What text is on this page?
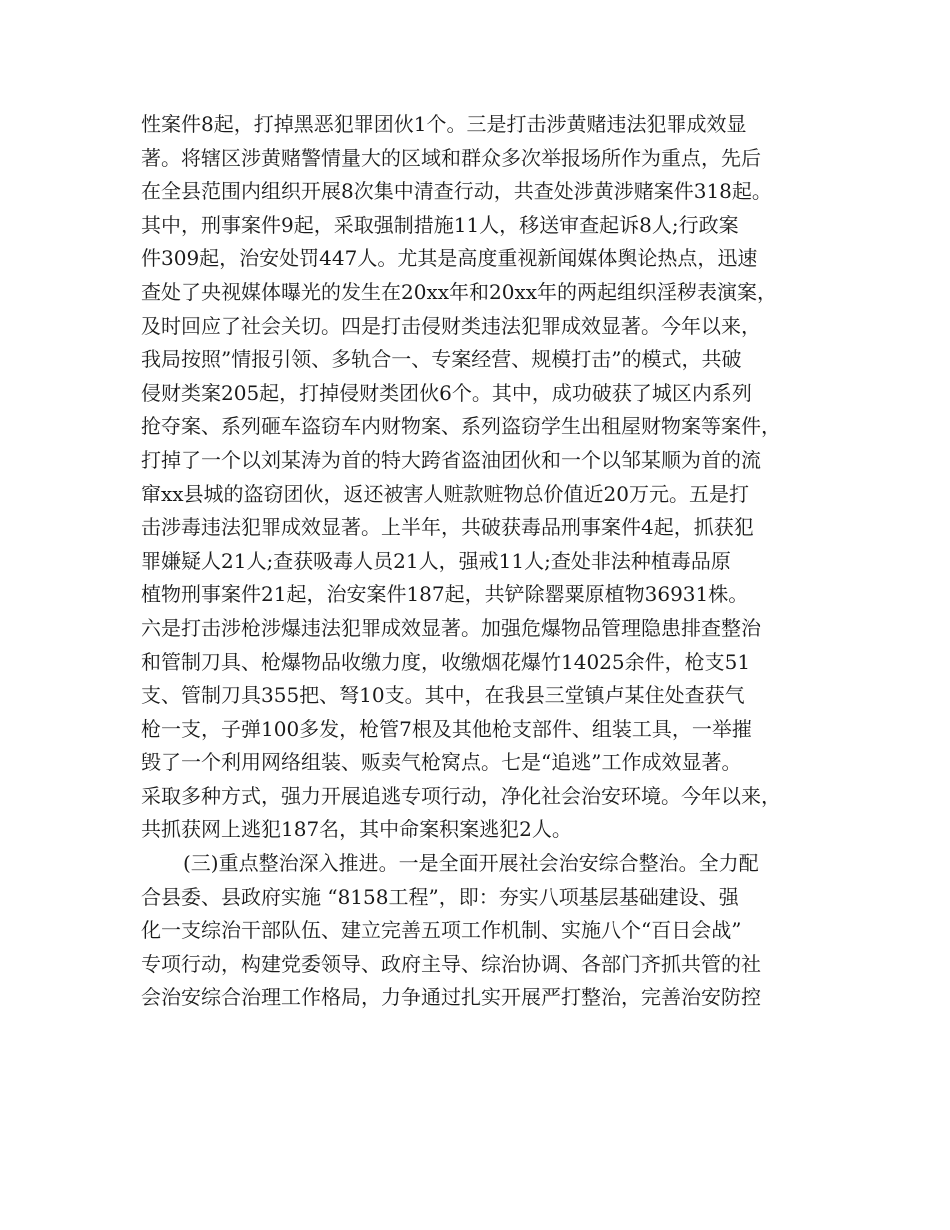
性案件8起，打掉黑恶犯罪团伙1个。三是打击涉黄赌违法犯罪成效显
著。将辖区涉黄赌警情量大的区域和群众多次举报场所作为重点，先后
在全县范围内组织开展8次集中清查行动，共查处涉黄涉赌案件318起。
其中，刑事案件9起，采取强制措施11人，移送审查起诉8人;行政案
件309起，治安处罚447人。尤其是高度重视新闻媒体舆论热点，迅速
查处了央视媒体曝光的发生在20xx年和20xx年的两起组织淫秽表演案，
及时回应了社会关切。四是打击侵财类违法犯罪成效显著。今年以来，
我局按照”情报引领、多轨合一、专案经营、规模打击”的模式，共破
侵财类案205起，打掉侵财类团伙6个。其中，成功破获了城区内系列
抢夺案、系列砸车盗窃车内财物案、系列盗窃学生出租屋财物案等案件，
打掉了一个以刘某涛为首的特大跨省盗油团伙和一个以邹某顺为首的流
窜xx县城的盗窃团伙，返还被害人赃款赃物总价值近20万元。五是打
击涉毒违法犯罪成效显著。上半年，共破获毒品刑事案件4起，抓获犯
罪嫌疑人21人;查获吸毒人员21人，强戒11人;查处非法种植毒品原
植物刑事案件21起，治安案件187起，共铲除罂粟原植物36931株。
六是打击涉枪涉爆违法犯罪成效显著。加强危爆物品管理隐患排查整治
和管制刀具、枪爆物品收缴力度，收缴烟花爆竹14025余件，枪支51
支、管制刀具355把、弩10支。其中，在我县三堂镇卢某住处查获气
枪一支，子弹100多发，枪管7根及其他枪支部件、组装工具，一举摧
毁了一个利用网络组装、贩卖气枪窝点。七是“追逃”工作成效显著。
采取多种方式，强力开展追逃专项行动，净化社会治安环境。今年以来，
共抓获网上逃犯187名，其中命案积案逃犯2人。
(三)重点整治深入推进。一是全面开展社会治安综合整治。全力配
合县委、县政府实施 “8158工程”，即：夯实八项基层基础建设、强
化一支综治干部队伍、建立完善五项工作机制、实施八个“百日会战”
专项行动，构建党委领导、政府主导、综治协调、各部门齐抓共管的社
会治安综合治理工作格局，力争通过扎实开展严打整治，完善治安防控
